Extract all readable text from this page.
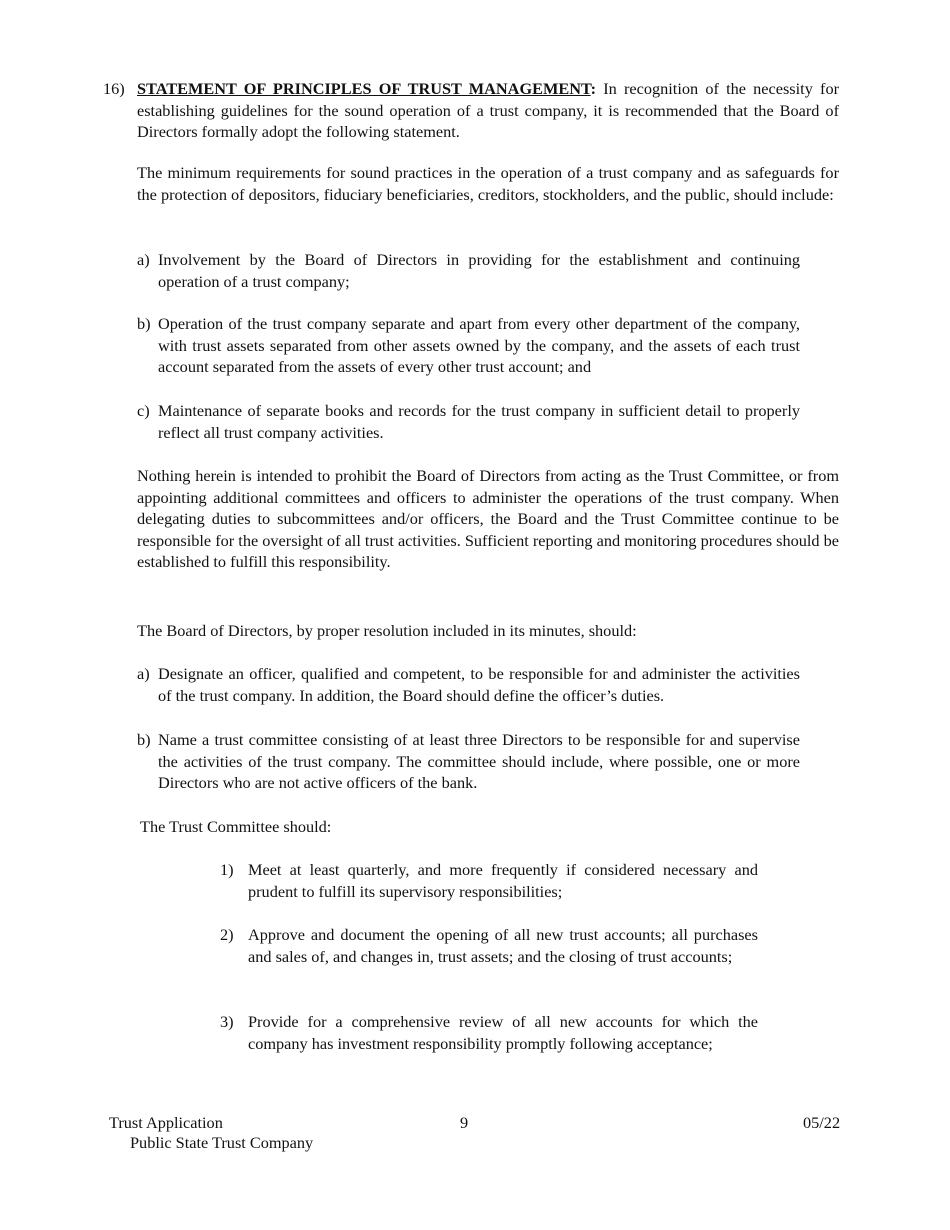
16) STATEMENT OF PRINCIPLES OF TRUST MANAGEMENT: In recognition of the necessity for establishing guidelines for the sound operation of a trust company, it is recommended that the Board of Directors formally adopt the following statement.
The minimum requirements for sound practices in the operation of a trust company and as safeguards for the protection of depositors, fiduciary beneficiaries, creditors, stockholders, and the public, should include:
a) Involvement by the Board of Directors in providing for the establishment and continuing operation of a trust company;
b) Operation of the trust company separate and apart from every other department of the company, with trust assets separated from other assets owned by the company, and the assets of each trust account separated from the assets of every other trust account; and
c) Maintenance of separate books and records for the trust company in sufficient detail to properly reflect all trust company activities.
Nothing herein is intended to prohibit the Board of Directors from acting as the Trust Committee, or from appointing additional committees and officers to administer the operations of the trust company. When delegating duties to subcommittees and/or officers, the Board and the Trust Committee continue to be responsible for the oversight of all trust activities. Sufficient reporting and monitoring procedures should be established to fulfill this responsibility.
The Board of Directors, by proper resolution included in its minutes, should:
a) Designate an officer, qualified and competent, to be responsible for and administer the activities of the trust company. In addition, the Board should define the officer’s duties.
b) Name a trust committee consisting of at least three Directors to be responsible for and supervise the activities of the trust company. The committee should include, where possible, one or more Directors who are not active officers of the bank.
The Trust Committee should:
1) Meet at least quarterly, and more frequently if considered necessary and prudent to fulfill its supervisory responsibilities;
2) Approve and document the opening of all new trust accounts; all purchases and sales of, and changes in, trust assets; and the closing of trust accounts;
3) Provide for a comprehensive review of all new accounts for which the company has investment responsibility promptly following acceptance;
Trust Application
Public State Trust Company
9	05/22
